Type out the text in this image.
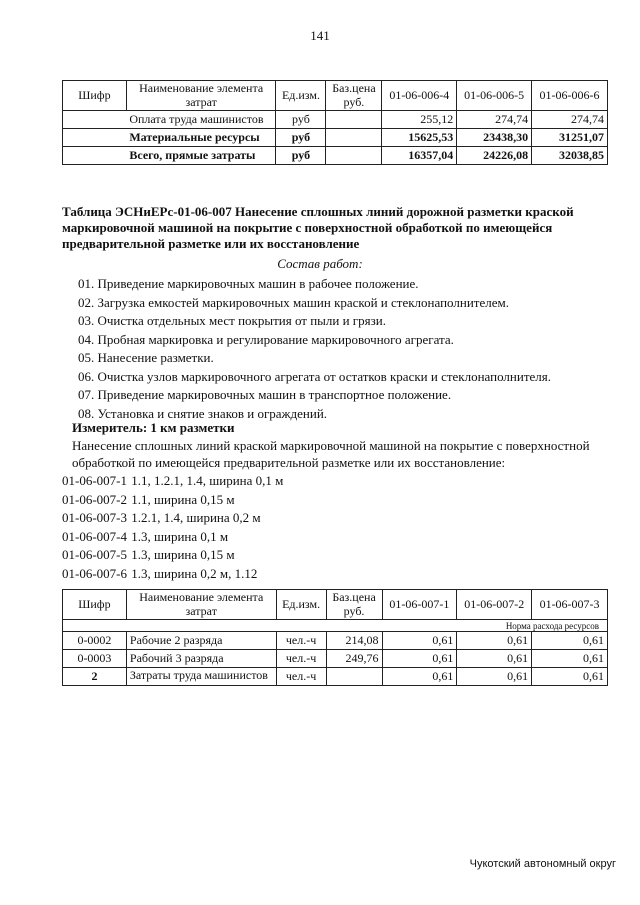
141
Шифр	Наименование элемента затрат	Ед.изм.	Баз.цена руб.	01-06-006-4	01-06-006-5	01-06-006-6
	Оплата труда машинистов	руб		255,12	274,74	274,74
	Материальные ресурсы	руб		15625,53	23438,30	31251,07
	Всего, прямые затраты	руб		16357,04	24226,08	32038,85
Таблица ЭСНиЕРс-01-06-007 Нанесение сплошных линий дорожной разметки краской маркировочной машиной на покрытие с поверхностной обработкой по имеющейся предварительной разметке или их восстановление
Состав работ:
01. Приведение маркировочных машин в рабочее положение.
02. Загрузка емкостей маркировочных машин краской и стеклонаполнителем.
03. Очистка отдельных мест покрытия от пыли и грязи.
04. Пробная маркировка и регулирование маркировочного агрегата.
05. Нанесение разметки.
06. Очистка узлов маркировочного агрегата от остатков краски и стеклонаполнителя.
07. Приведение маркировочных машин в транспортное положение.
08. Установка и снятие знаков и ограждений.
Измеритель: 1 км разметки
Нанесение сплошных линий краской маркировочной машиной на покрытие с поверхностной обработкой по имеющейся предварительной разметке или их восстановление:
01-06-007-1 1.1, 1.2.1, 1.4, ширина 0,1 м
01-06-007-2 1.1, ширина 0,15 м
01-06-007-3 1.2.1, 1.4, ширина 0,2 м
01-06-007-4 1.3, ширина 0,1 м
01-06-007-5 1.3, ширина 0,15 м
01-06-007-6 1.3, ширина 0,2 м, 1.12
Шифр	Наименование элемента затрат	Ед.изм.	Баз.цена руб.	01-06-007-1	01-06-007-2	01-06-007-3
Норма расхода ресурсов						
0-0002	Рабочие 2 разряда	чел.-ч	214,08	0,61	0,61	0,61
0-0003	Рабочий 3 разряда	чел.-ч	249,76	0,61	0,61	0,61
2	Затраты труда машинистов	чел.-ч		0,61	0,61	0,61
Чукотский автономный округ
